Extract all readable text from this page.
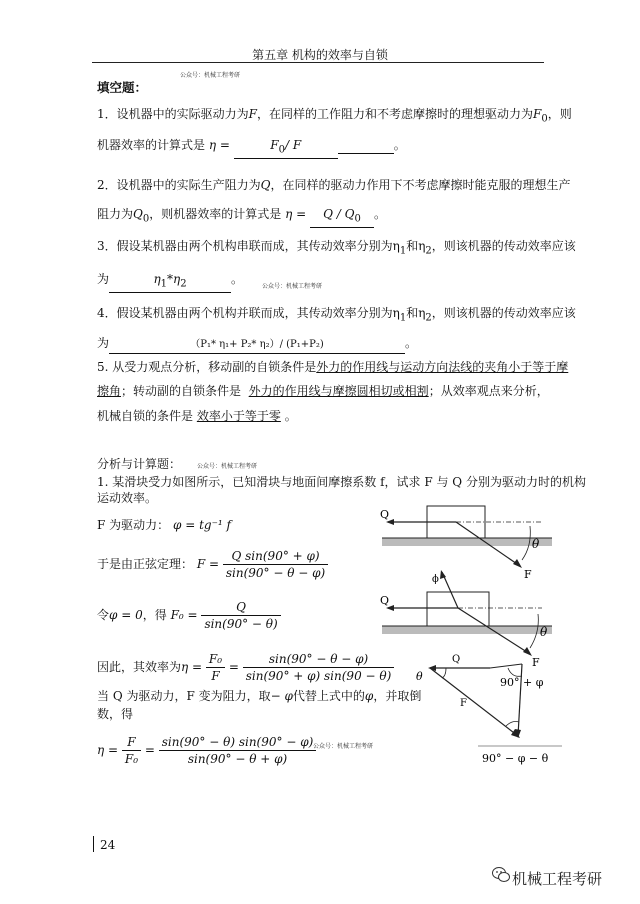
第五章 机构的效率与自锁
填空题：
公众号：机械工程考研
1．设机器中的实际驱动力为F，在同样的工作阻力和不考虑摩擦时的理想驱动力为$F_0$，则
机器效率的计算式是 η =	$F_0/$ F	。
2．设机器中的实际生产阻力为Q，在同样的驱动力作用下不考虑摩擦时能克服的理想生产
阻力为$Q_0$，则机器效率的计算式是 $\eta = Q / Q_0$ 。
3．假设某机器由两个机构串联而成，其传动效率分别为$\eta_1$和$\eta_2$，则该机器的传动效率应该
为	$\eta_1*\eta_2$	。
公众号：机械工程考研
4．假设某机器由两个机构并联而成，其传动效率分别为$\eta_1$和$\eta_2$，则该机器的传动效率应该
为	（P₁* η₁+ P₂* η₂）/ (P₁+P₂)	。
5. 从受力观点分析，移动副的自锁条件是外力的作用线与运动方向法线的夹角小于等于摩
擦角；转动副的自锁条件是 外力的作用线与摩擦圆相切或相割；从效率观点来分析，
机械自锁的条件是 效率小于等于零 。
分析与计算题：	公众号：机械工程考研
1. 某滑块受力如图所示，已知滑块与地面间摩擦系数 f，试求 F 与 Q 分别为驱动力时的机构
运动效率。
F 为驱动力： φ = tg⁻¹ f
于是由正弦定理： $F = \frac{\text{Q sin(90° + φ)}}{\sin(90^\circ - \theta - \varphi)}$
令φ = 0，得 $F_0 = \frac{Q}{\sin(90^\circ - \theta)}$
因此，其效率为$\eta = \frac{\text{F₀}}{F} = \frac{\sin(90^\circ - \theta - \varphi)}{\sin(90^\circ + \varphi) \sin(90 - \theta)}$
当 Q 为驱动力，F 变为阻力，取− φ代替上式中的φ，并取倒
数，得
$\eta = \frac{F}{\text{F₀}} = \frac{\sin(90^\circ - \theta) \sin(90^\circ - \varphi)}{\sin(90^\circ - \theta + \varphi)}$
公众号：机械工程考研
Q
F
θ
Q
ϕ
F
θ
Q
θ	90° + φ
F
90° − φ − θ
24
机械工程考研
